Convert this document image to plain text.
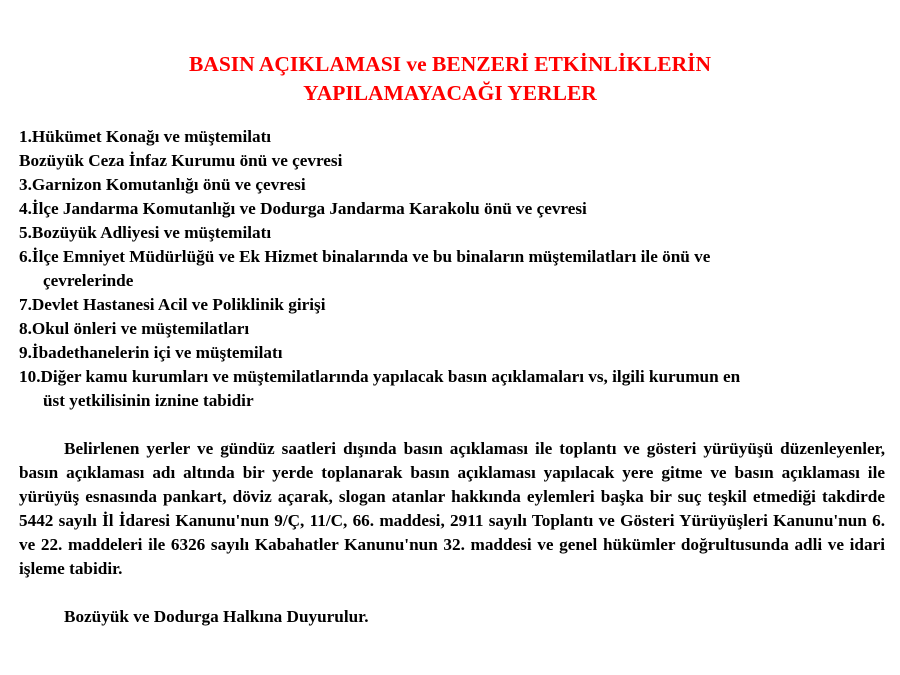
BASIN AÇIKLAMASI ve BENZERİ ETKİNLİKLERİN
YAPILAMAYACAĞI YERLER
1.Hükümet Konağı ve müştemilatı
Bozüyük Ceza İnfaz Kurumu önü ve çevresi
3.Garnizon Komutanlığı önü ve çevresi
4.İlçe Jandarma Komutanlığı ve Dodurga Jandarma Karakolu önü ve çevresi
5.Bozüyük Adliyesi ve müştemilatı
6.İlçe Emniyet Müdürlüğü ve Ek Hizmet binalarında ve bu binaların müştemilatları ile önü ve
çevrelerinde
7.Devlet Hastanesi Acil ve Poliklinik girişi
8.Okul önleri ve müştemilatları
9.İbadethanelerin içi ve müştemilatı
10.Diğer kamu kurumları ve müştemilatlarında yapılacak basın açıklamaları vs, ilgili kurumun en
üst yetkilisinin iznine tabidir

Belirlenen yerler ve gündüz saatleri dışında basın açıklaması ile toplantı ve gösteri yürüyüşü düzenleyenler, basın açıklaması adı altında bir yerde toplanarak basın açıklaması yapılacak yere gitme ve basın açıklaması ile yürüyüş esnasında pankart, döviz açarak, slogan atanlar hakkında eylemleri başka bir suç teşkil etmediği takdirde 5442 sayılı İl İdaresi Kanunu'nun 9/Ç, 11/C, 66. maddesi, 2911 sayılı Toplantı ve Gösteri Yürüyüşleri Kanunu'nun 6. ve 22. maddeleri ile 6326 sayılı Kabahatler Kanunu'nun 32. maddesi ve genel hükümler doğrultusunda adli ve idari işleme tabidir.

Bozüyük ve Dodurga Halkına Duyurulur.
